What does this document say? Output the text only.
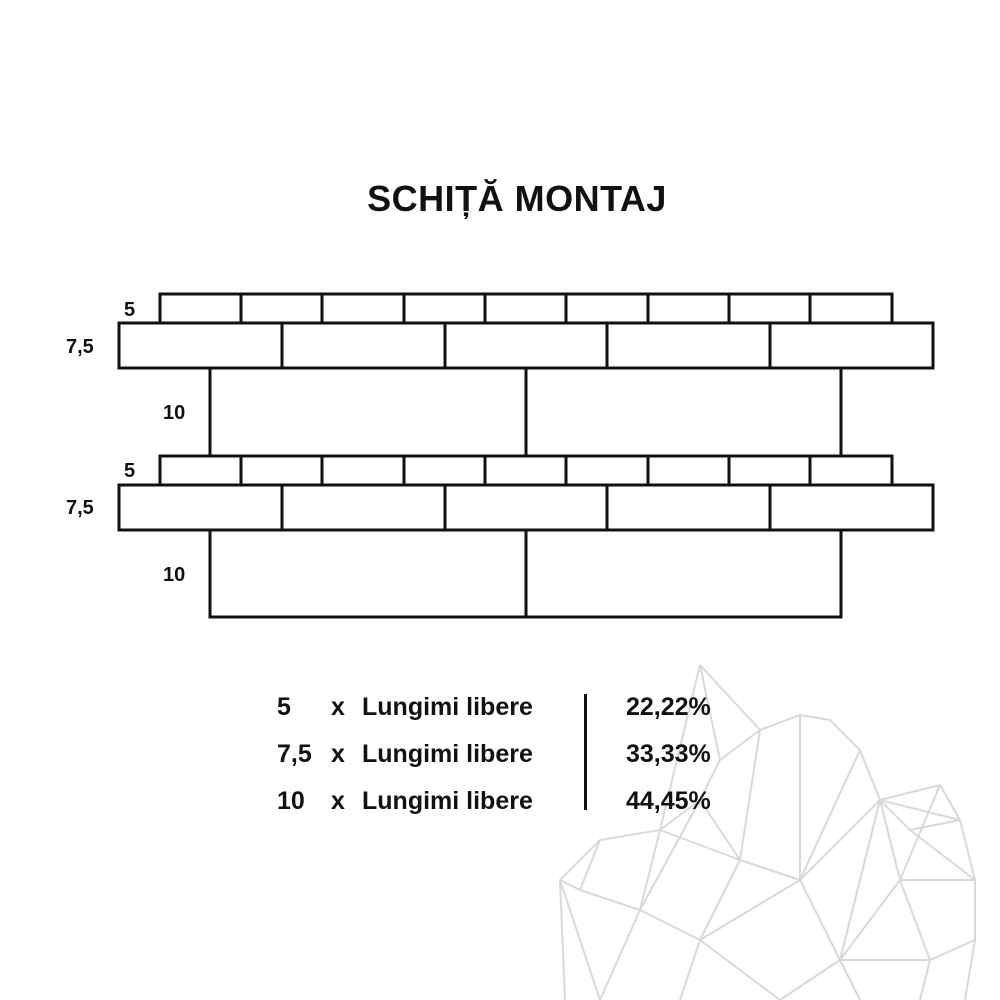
SCHIȚĂ MONTAJ
5
7,5
10
5
7,5
10
5 x Lungimi libere	22,22%
7,5 x Lungimi libere	33,33%
10 x Lungimi libere	44,45%
